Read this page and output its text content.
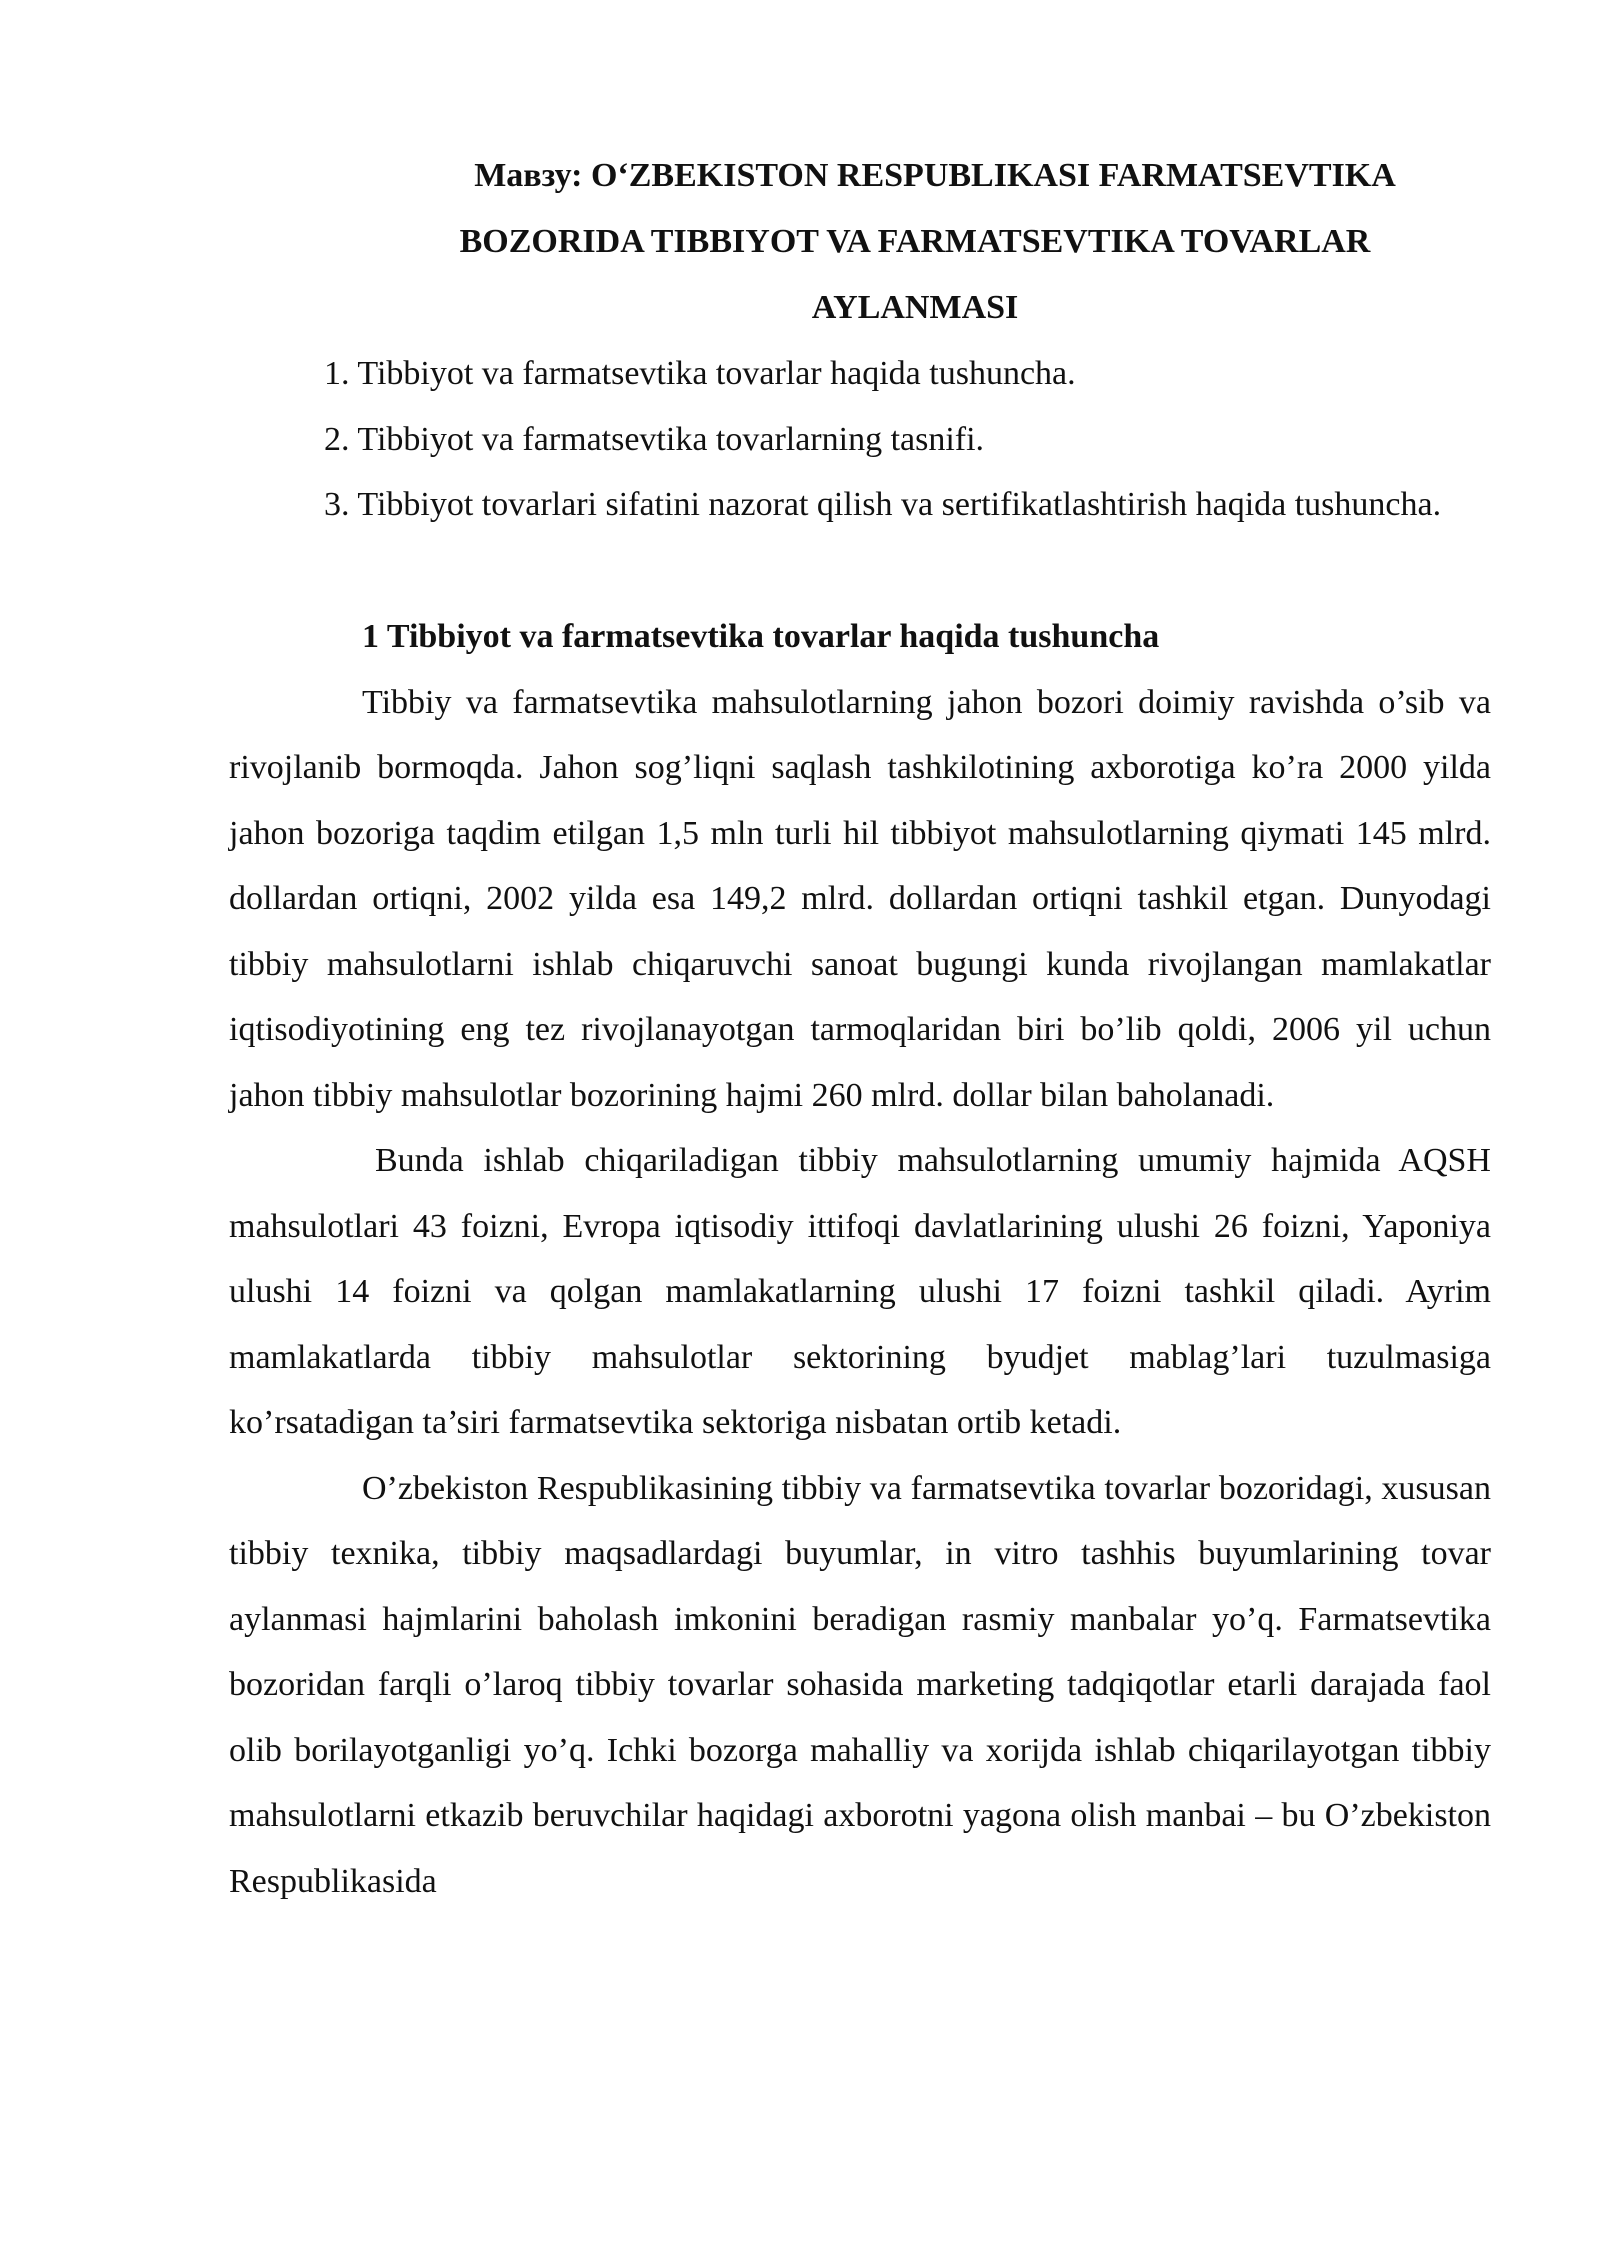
Мавзу: O‘ZBEKISTON RESPUBLIKASI FARMATSEVTIKA
BOZORIDA TIBBIYOT VA FARMATSEVTIKA TOVARLAR
AYLANMASI
1. Tibbiyot va farmatsevtika tovarlar haqida tushuncha.
2. Tibbiyot va farmatsevtika tovarlarning tasnifi.
3. Tibbiyot tovarlari sifatini nazorat qilish va sertifikatlashtirish haqida tushuncha.
1 Tibbiyot va farmatsevtika tovarlar haqida tushuncha

Tibbiy va farmatsevtika mahsulotlarning jahon bozori doimiy ravishda o’sib va rivojlanib bormoqda. Jahon sog’liqni saqlash tashkilotining axborotiga ko’ra 2000 yilda jahon bozoriga taqdim etilgan 1,5 mln turli hil tibbiyot mahsulotlarning qiymati 145 mlrd. dollardan ortiqni, 2002 yilda esa 149,2 mlrd. dollardan ortiqni tashkil etgan. Dunyodagi tibbiy mahsulotlarni ishlab chiqaruvchi sanoat bugungi kunda rivojlangan mamlakatlar iqtisodiyotining eng tez rivojlanayotgan tarmoqlaridan biri bo’lib qoldi, 2006 yil uchun jahon tibbiy mahsulotlar bozorining hajmi 260 mlrd. dollar bilan baholanadi.

Bunda ishlab chiqariladigan tibbiy mahsulotlarning umumiy hajmida AQSH mahsulotlari 43 foizni, Evropa iqtisodiy ittifoqi davlatlarining ulushi 26 foizni, Yaponiya ulushi 14 foizni va qolgan mamlakatlarning ulushi 17 foizni tashkil qiladi. Ayrim mamlakatlarda tibbiy mahsulotlar sektorining byudjet mablag’lari tuzulmasiga ko’rsatadigan ta’siri farmatsevtika sektoriga nisbatan ortib ketadi.

O’zbekiston Respublikasining tibbiy va farmatsevtika tovarlar bozoridagi, xususan tibbiy texnika, tibbiy maqsadlardagi buyumlar, in vitro tashhis buyumlarining tovar aylanmasi hajmlarini baholash imkonini beradigan rasmiy manbalar yo’q. Farmatsevtika bozoridan farqli o’laroq tibbiy tovarlar sohasida marketing tadqiqotlar etarli darajada faol olib borilayotganligi yo’q. Ichki bozorga mahalliy va xorijda ishlab chiqarilayotgan tibbiy mahsulotlarni etkazib beruvchilar haqidagi axborotni yagona olish manbai – bu O’zbekiston Respublikasida
